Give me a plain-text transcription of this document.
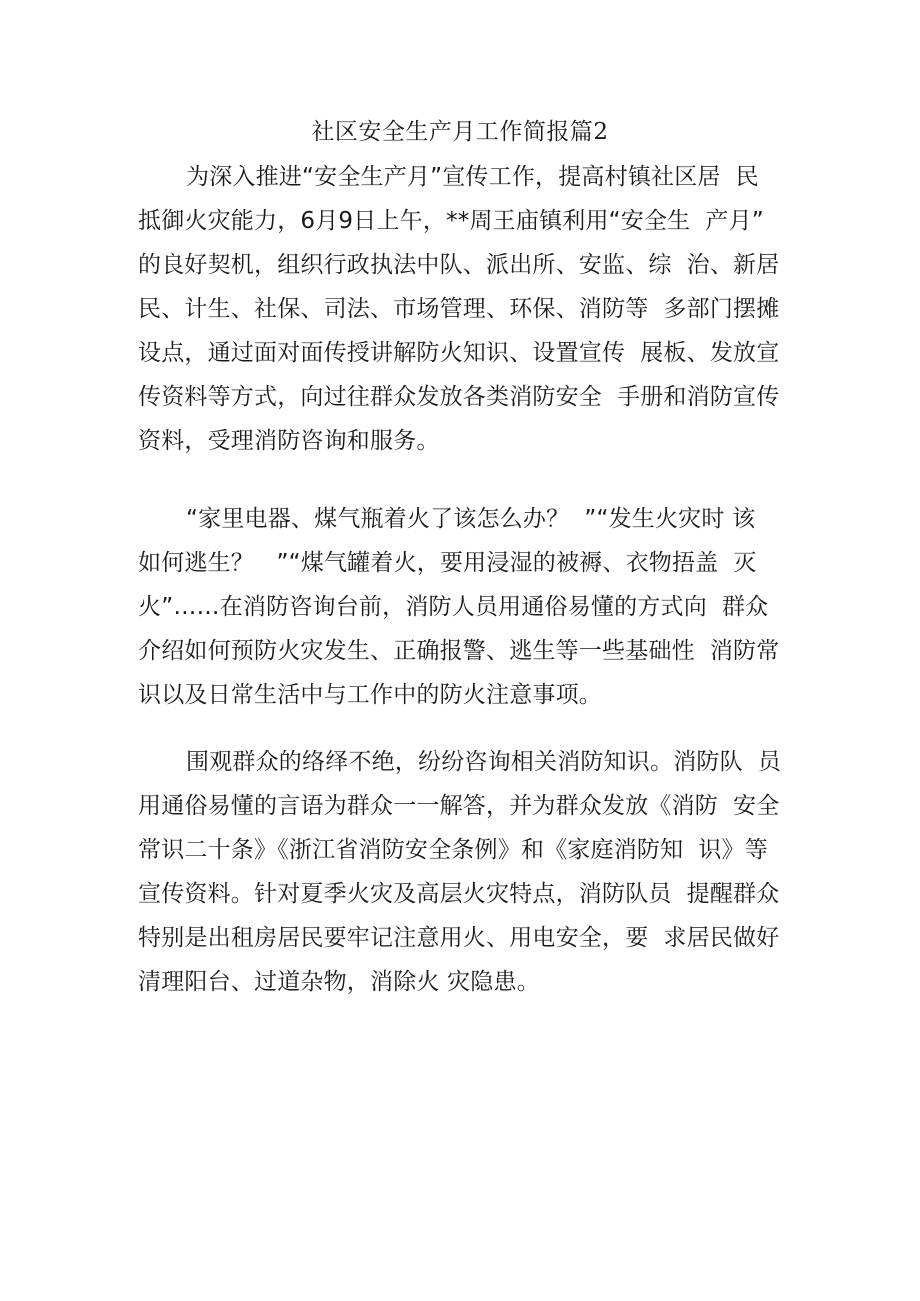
社区安全生产月工作简报篇2
为深入推进“安全生产月”宣传工作，提高村镇社区居  民
抵御火灾能力，6月9日上午，**周王庙镇利用“安全生  产月”
的良好契机，组织行政执法中队、派出所、安监、综  治、新居
民、计生、社保、司法、市场管理、环保、消防等  多部门摆摊
设点，通过面对面传授讲解防火知识、设置宣传  展板、发放宣
传资料等方式，向过往群众发放各类消防安全  手册和消防宣传
资料，受理消防咨询和服务。
“家里电器、煤气瓶着火了该怎么办？  ”“发生火灾时 该
如何逃生？   ”“煤气罐着火，要用浸湿的被褥、衣物捂盖  灭
火”……在消防咨询台前，消防人员用通俗易懂的方式向  群众
介绍如何预防火灾发生、正确报警、逃生等一些基础性  消防常
识以及日常生活中与工作中的防火注意事项。
围观群众的络绎不绝，纷纷咨询相关消防知识。消防队  员
用通俗易懂的言语为群众一一解答，并为群众发放《消防  安全
常识二十条》《浙江省消防安全条例》和《家庭消防知  识》等
宣传资料。针对夏季火灾及高层火灾特点，消防队员  提醒群众
特别是出租房居民要牢记注意用火、用电安全，要  求居民做好
清理阳台、过道杂物，消除火 灾隐患。
